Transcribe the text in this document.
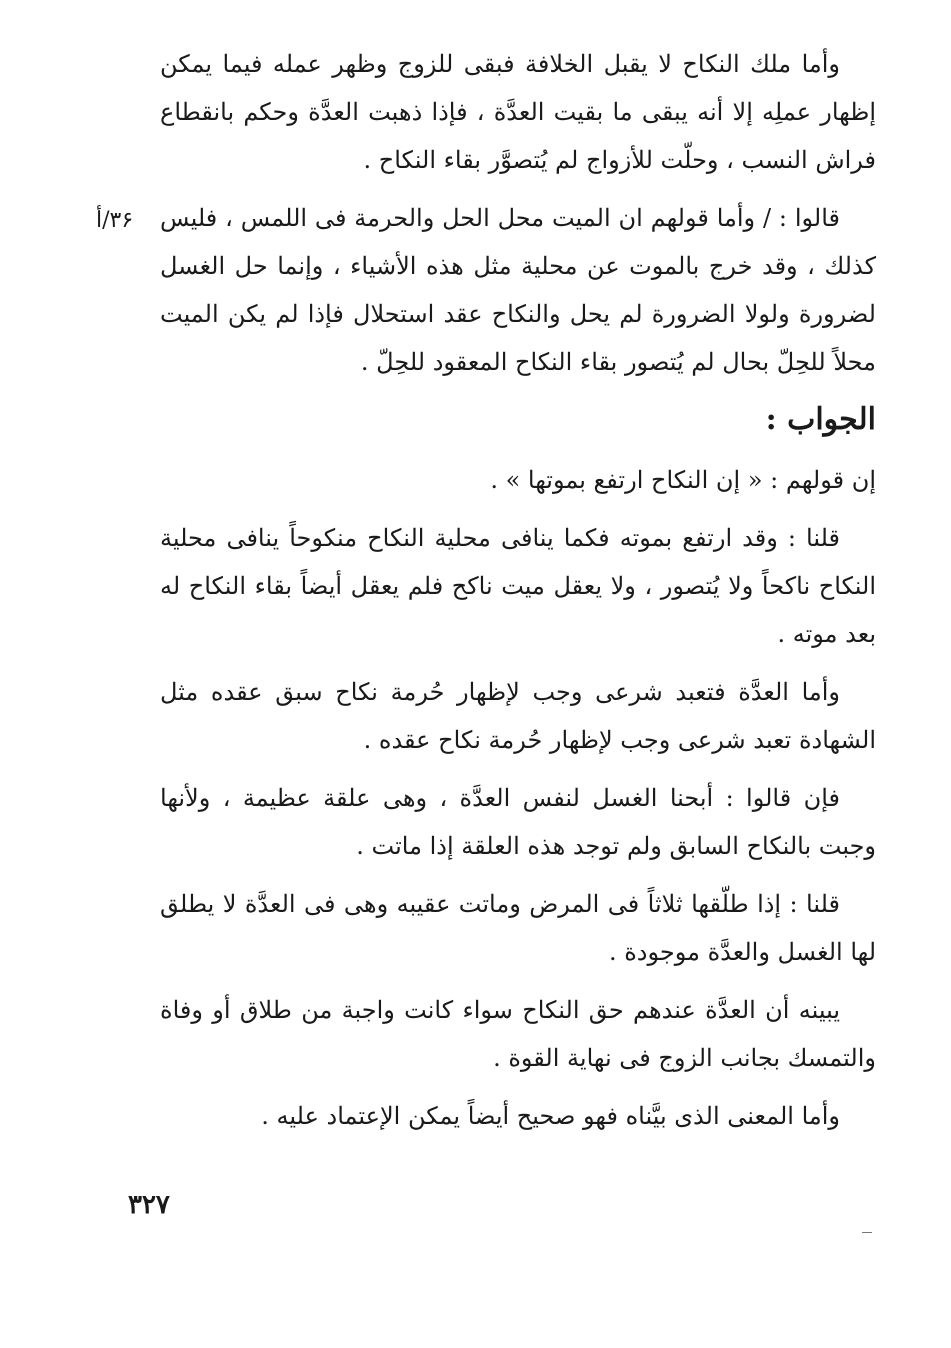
۳۶/أ

وأما ملك النكاح لا يقبل الخلافة فبقى للزوج وظهر عمله فيما يمكن إظهار عملِه إلا أنه يبقى ما بقيت العدَّة ، فإذا ذهبت العدَّة وحكم بانقطاع فراش النسب ، وحلّت للأزواج لم يُتصوَّر بقاء النكاح .

قالوا : / وأما قولهم ان الميت محل الحل والحرمة فى اللمس ، فليس كذلك ، وقد خرج بالموت عن محلية مثل هذه الأشياء ، وإنما حل الغسل لضرورة ولولا الضرورة لم يحل والنكاح عقد استحلال فإذا لم يكن الميت محلاً للحِلّ بحال لم يُتصور بقاء النكاح المعقود للحِلّ .

الجواب :

إن قولهم : « إن النكاح ارتفع بموتها » .

قلنا : وقد ارتفع بموته فكما ينافى محلية النكاح منكوحاً ينافى محلية النكاح ناكحاً ولا يُتصور ، ولا يعقل ميت ناكح فلم يعقل أيضاً بقاء النكاح له بعد موته .

وأما العدَّة فتعبد شرعى وجب لإظهار حُرمة نكاح سبق عقده مثل الشهادة تعبد شرعى وجب لإظهار حُرمة نكاح عقده .

فإن قالوا : أبحنا الغسل لنفس العدَّة ، وهى علقة عظيمة ، ولأنها وجبت بالنكاح السابق ولم توجد هذه العلقة إذا ماتت .

قلنا : إذا طلّقها ثلاثاً فى المرض وماتت عقيبه وهى فى العدَّة لا يطلق لها الغسل والعدَّة موجودة .

يبينه أن العدَّة عندهم حق النكاح سواء كانت واجبة من طلاق أو وفاة والتمسك بجانب الزوج فى نهاية القوة .

وأما المعنى الذى بيَّناه فهو صحيح أيضاً يمكن الإعتماد عليه .

۳۲۷
